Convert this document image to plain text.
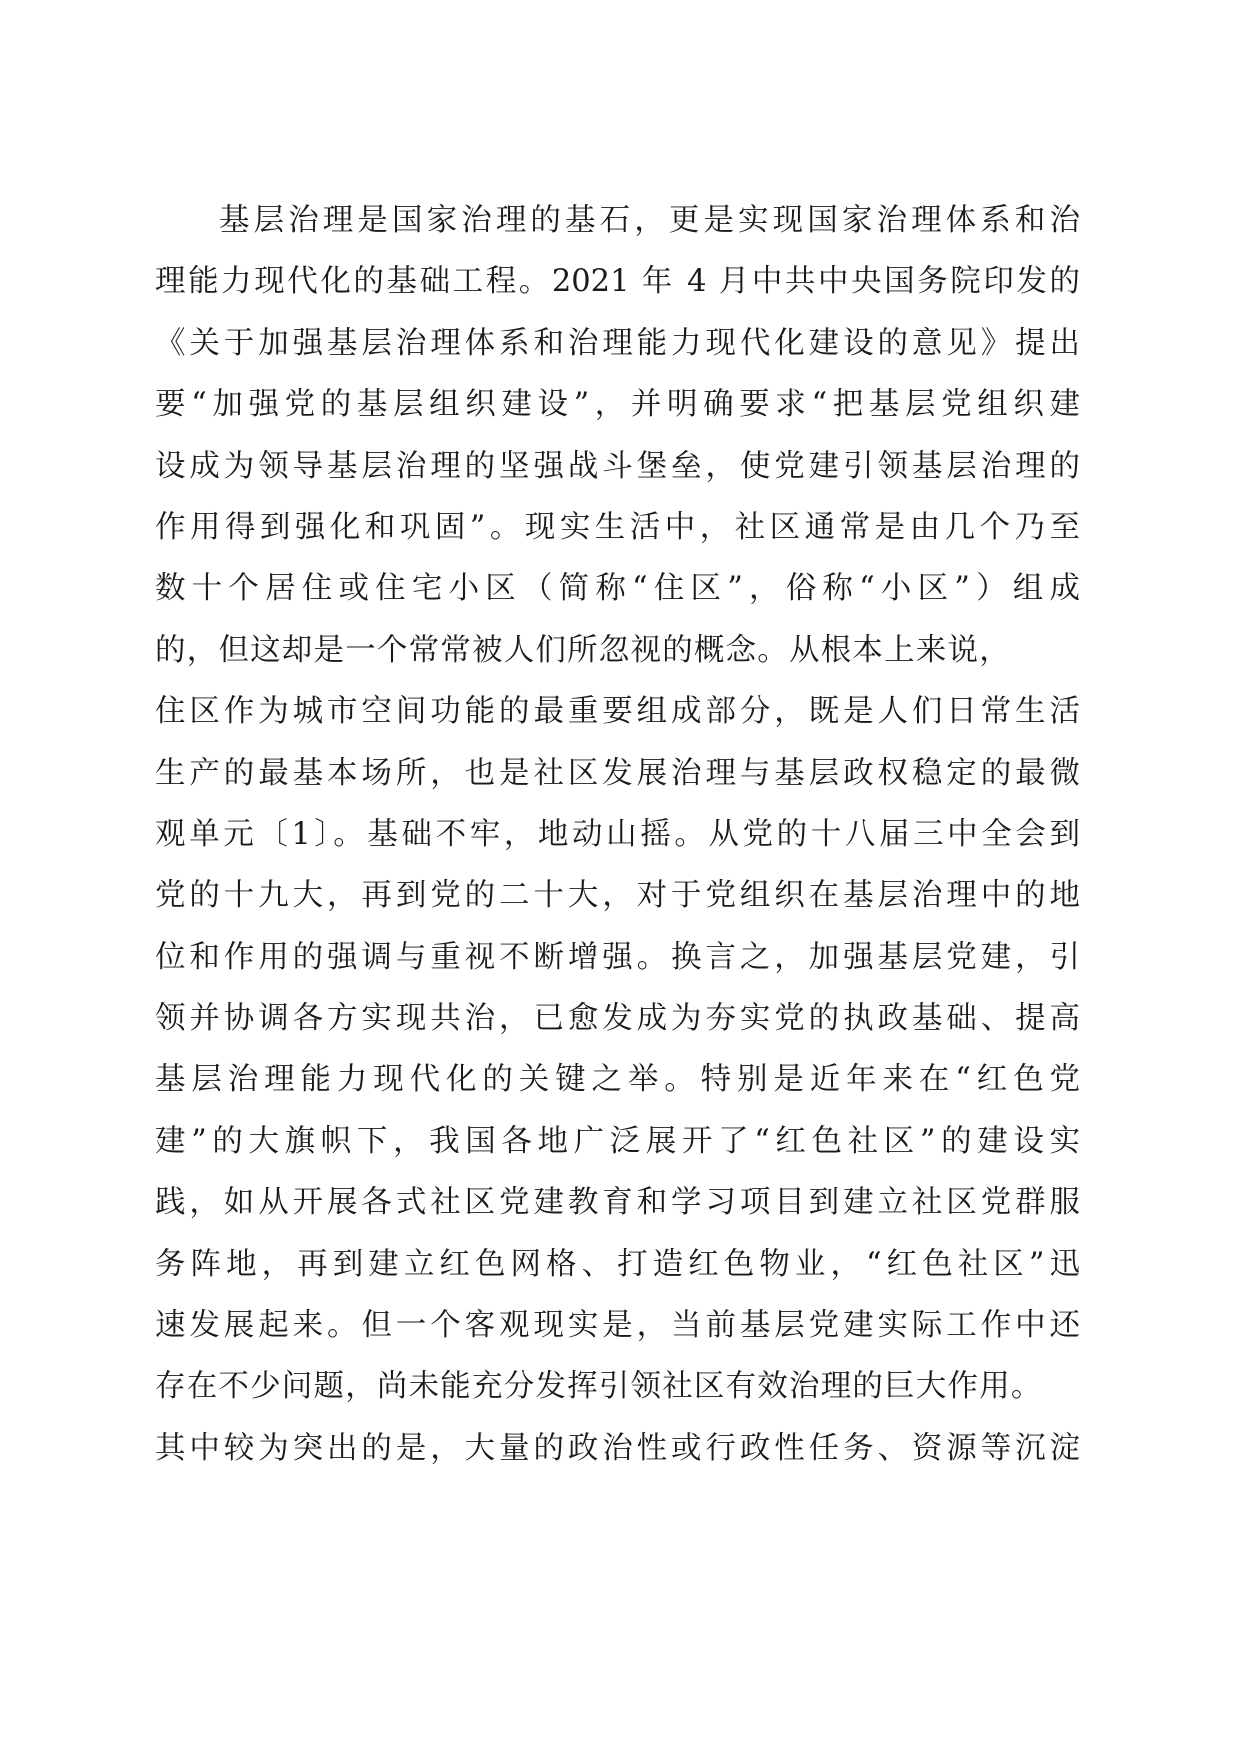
基层治理是国家治理的基石，更是实现国家治理体系和治
理能力现代化的基础工程。2021 年 4 月中共中央国务院印发的
《关于加强基层治理体系和治理能力现代化建设的意见》提出
要“加强党的基层组织建设”，并明确要求“把基层党组织建
设成为领导基层治理的坚强战斗堡垒，使党建引领基层治理的
作用得到强化和巩固”。现实生活中，社区通常是由几个乃至
数十个居住或住宅小区（简称“住区”，俗称“小区”）组成
的，但这却是一个常常被人们所忽视的概念。从根本上来说，
住区作为城市空间功能的最重要组成部分，既是人们日常生活
生产的最基本场所，也是社区发展治理与基层政权稳定的最微
观单元〔1〕。基础不牢，地动山摇。从党的十八届三中全会到
党的十九大，再到党的二十大，对于党组织在基层治理中的地
位和作用的强调与重视不断增强。换言之，加强基层党建，引
领并协调各方实现共治，已愈发成为夯实党的执政基础、提高
基层治理能力现代化的关键之举。特别是近年来在“红色党
建”的大旗帜下，我国各地广泛展开了“红色社区”的建设实
践，如从开展各式社区党建教育和学习项目到建立社区党群服
务阵地，再到建立红色网格、打造红色物业，“红色社区”迅
速发展起来。但一个客观现实是，当前基层党建实际工作中还
存在不少问题，尚未能充分发挥引领社区有效治理的巨大作用。
其中较为突出的是，大量的政治性或行政性任务、资源等沉淀
